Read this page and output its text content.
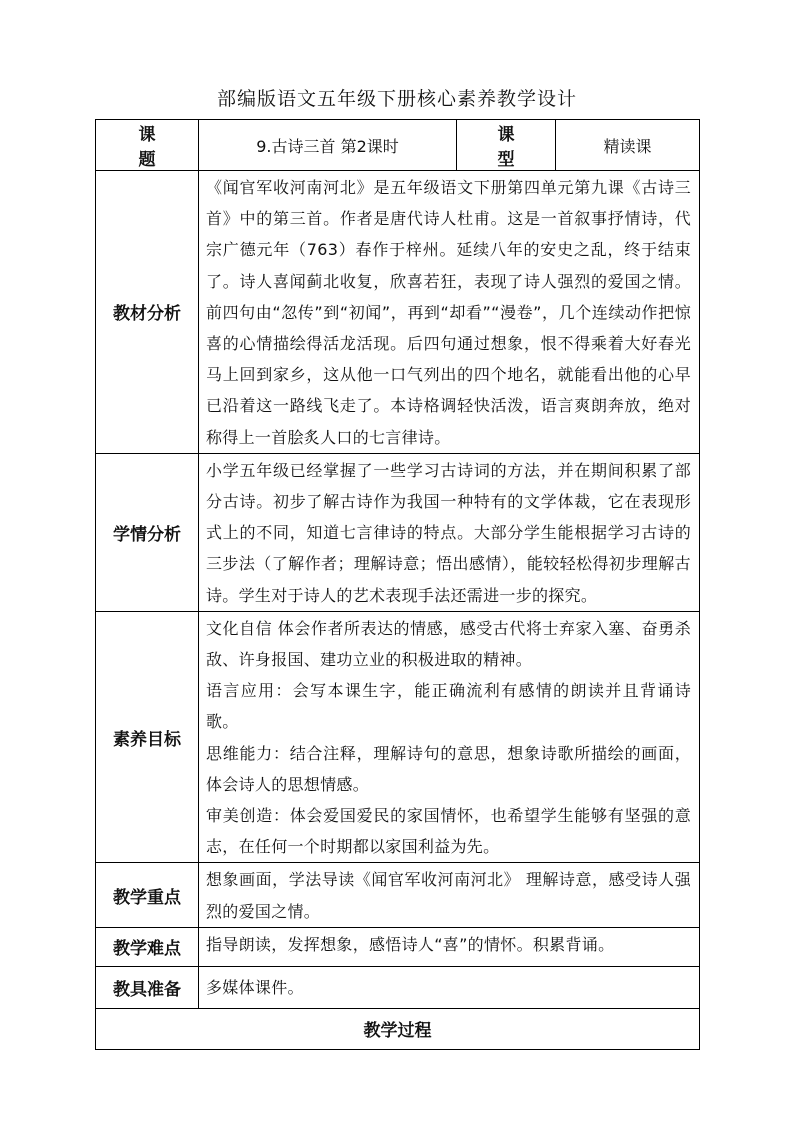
部编版语文五年级下册核心素养教学设计
课 题	9.古诗三首 第2课时	课 型	精读课
教材分析	《闻官军收河南河北》是五年级语文下册第四单元第九课《古诗三首》中的第三首。作者是唐代诗人杜甫。这是一首叙事抒情诗，代宗广德元年（763）春作于梓州。延续八年的安史之乱，终于结束了。诗人喜闻蓟北收复，欣喜若狂，表现了诗人强烈的爱国之情。前四句由“忽传”到“初闻”，再到“却看”“漫卷”，几个连续动作把惊喜的心情描绘得活龙活现。后四句通过想象，恨不得乘着大好春光马上回到家乡，这从他一口气列出的四个地名，就能看出他的心早已沿着这一路线飞走了。本诗格调轻快活泼，语言爽朗奔放，绝对称得上一首脍炙人口的七言律诗。		
学情分析	小学五年级已经掌握了一些学习古诗词的方法，并在期间积累了部分古诗。初步了解古诗作为我国一种特有的文学体裁，它在表现形式上的不同，知道七言律诗的特点。大部分学生能根据学习古诗的三步法（了解作者；理解诗意；悟出感情），能较轻松得初步理解古诗。学生对于诗人的艺术表现手法还需进一步的探究。		
素养目标	文化自信 体会作者所表达的情感，感受古代将士弃家入塞、奋勇杀敌、许身报国、建功立业的积极进取的精神。

语言应用：会写本课生字，能正确流利有感情的朗读并且背诵诗歌。

思维能力：结合注释，理解诗句的意思，想象诗歌所描绘的画面，体会诗人的思想情感。

审美创造：体会爱国爱民的家国情怀，也希望学生能够有坚强的意志，在任何一个时期都以家国利益为先。		

教学重点	想象画面，学法导读《闻官军收河南河北》 理解诗意，感受诗人强烈的爱国之情。		
教学难点	指导朗读，发挥想象，感悟诗人“喜”的情怀。积累背诵。		
教具准备	多媒体课件。		
教学过程			
